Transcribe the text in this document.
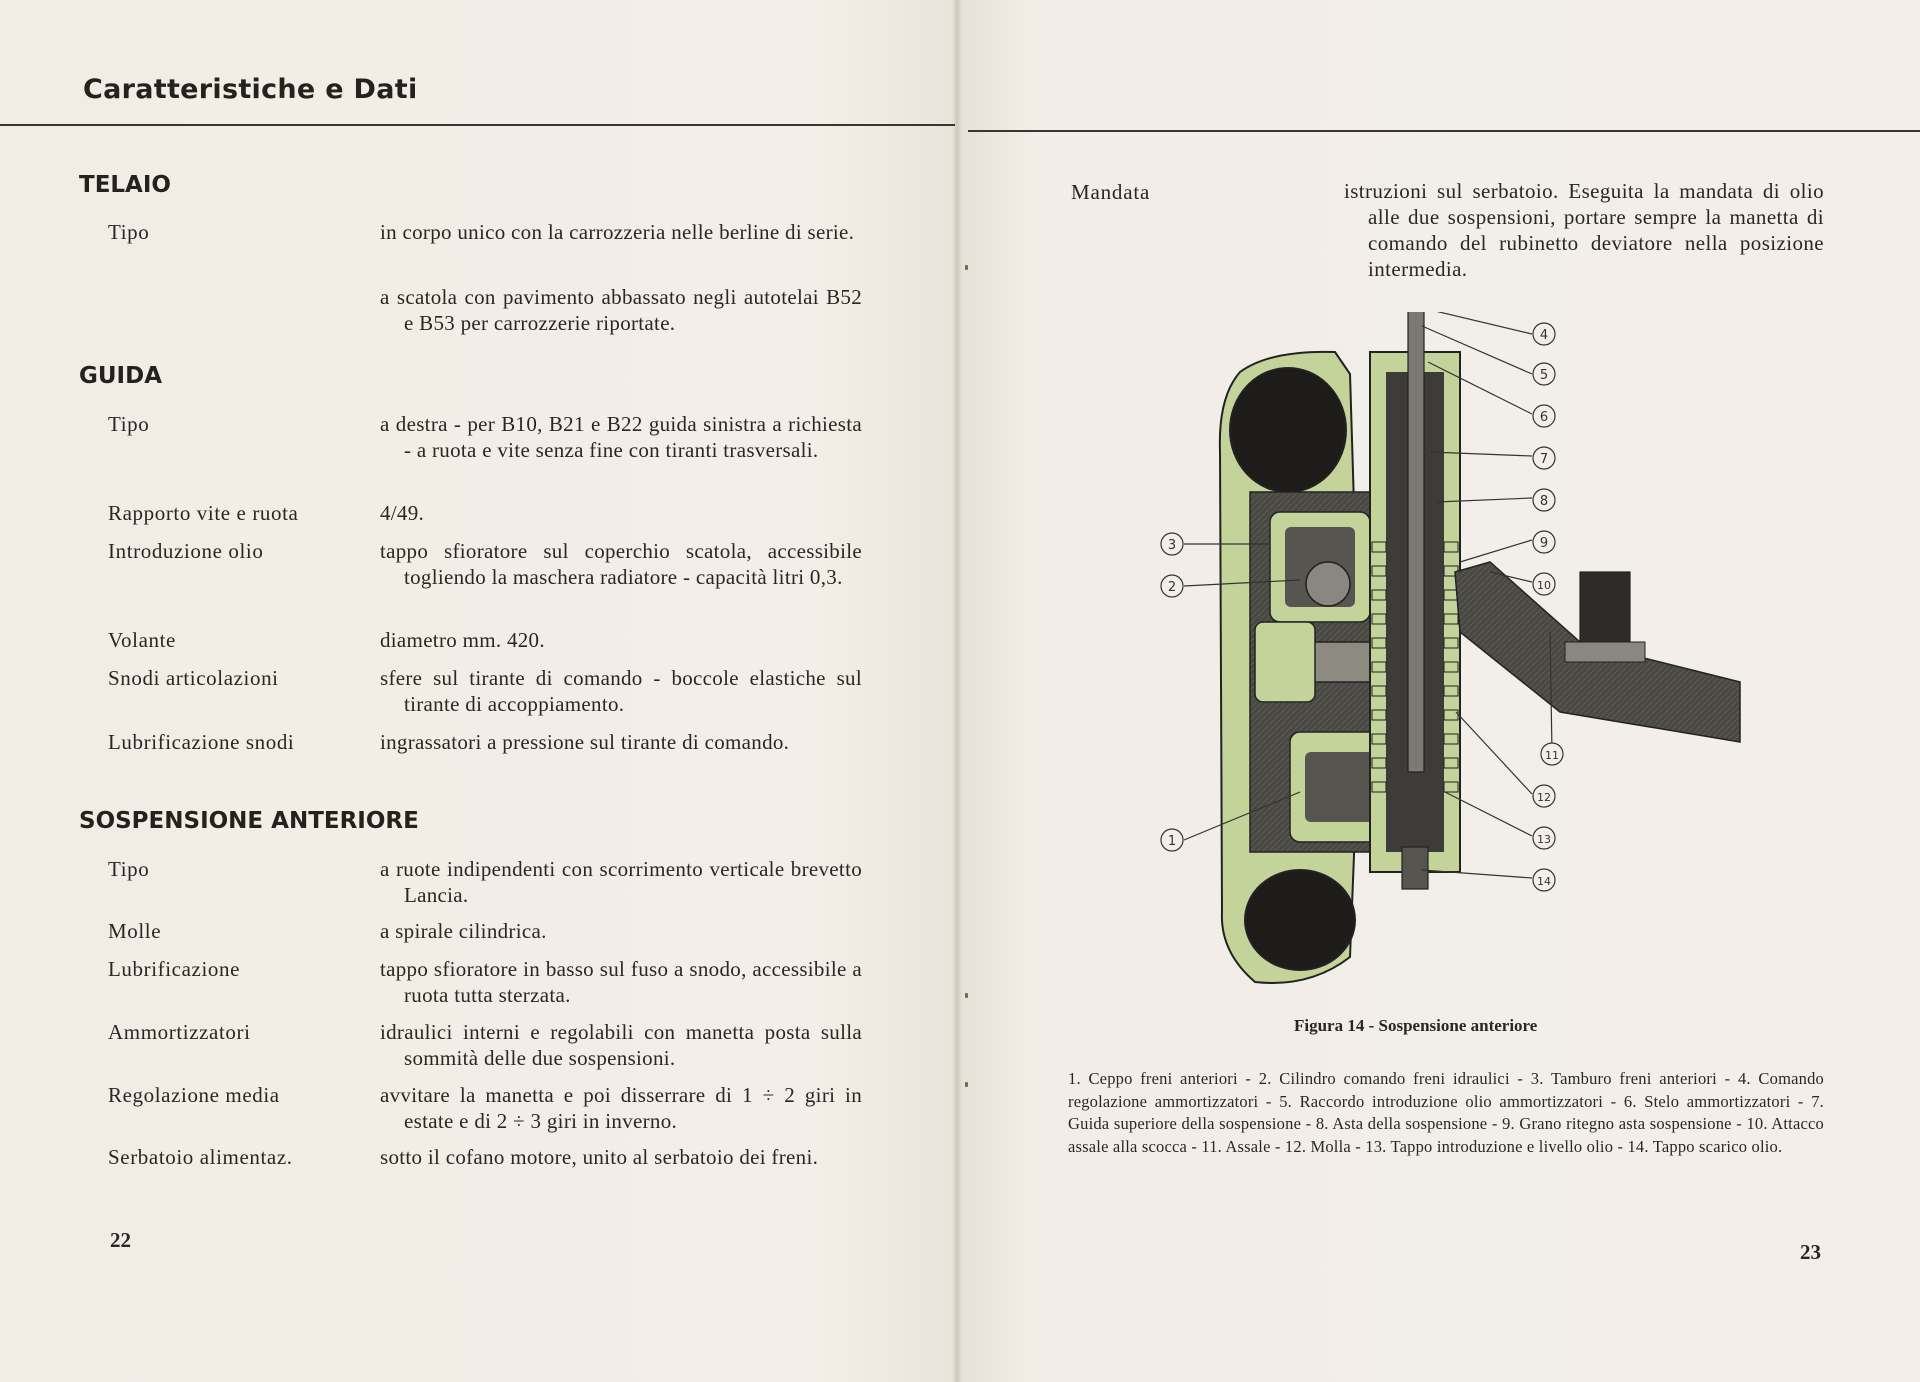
Caratteristiche e Dati
TELAIO
Tipo	in corpo unico con la carrozzeria nelle berline di serie.
a scatola con pavimento abbassato negli autotelai B52 e B53 per carrozzerie riportate.
GUIDA
Tipo	a destra - per B10, B21 e B22 guida sinistra a richiesta - a ruota e vite senza fine con tiranti trasversali.
Rapporto vite e ruota	4/49.
Introduzione olio	tappo sfioratore sul coperchio scatola, accessibile togliendo la maschera radiatore - capacità litri 0,3.
Volante	diametro mm. 420.
Snodi articolazioni	sfere sul tirante di comando - boccole elastiche sul tirante di accoppiamento.
Lubrificazione snodi	ingrassatori a pressione sul tirante di comando.
SOSPENSIONE ANTERIORE
Tipo	a ruote indipendenti con scorrimento verticale brevetto Lancia.
Molle	a spirale cilindrica.
Lubrificazione	tappo sfioratore in basso sul fuso a snodo, accessibile a ruota tutta sterzata.
Ammortizzatori	idraulici interni e regolabili con manetta posta sulla sommità delle due sospensioni.
Regolazione media	avvitare la manetta e poi disserrare di 1 ÷ 2 giri in estate e di 2 ÷ 3 giri in inverno.
Serbatoio alimentaz.	sotto il cofano motore, unito al serbatoio dei freni.
22
Mandata	istruzioni sul serbatoio. Eseguita la mandata di olio alle due sospensioni, portare sempre la manetta di comando del rubinetto deviatore nella posizione intermedia.
4
5
6
7
8
9
10
11
12
13
14
3
2
1

Figura 14 - Sospensione anteriore

1. Ceppo freni anteriori - 2. Cilindro comando freni idraulici - 3. Tamburo freni anteriori - 4. Comando regolazione ammortizzatori - 5. Raccordo introduzione olio ammortizzatori - 6. Stelo ammortizzatori - 7. Guida superiore della sospensione - 8. Asta della sospensione - 9. Grano ritegno asta sospensione - 10. Attacco assale alla scocca - 11. Assale - 12. Molla - 13. Tappo introduzione e livello olio - 14. Tappo scarico olio.

23
